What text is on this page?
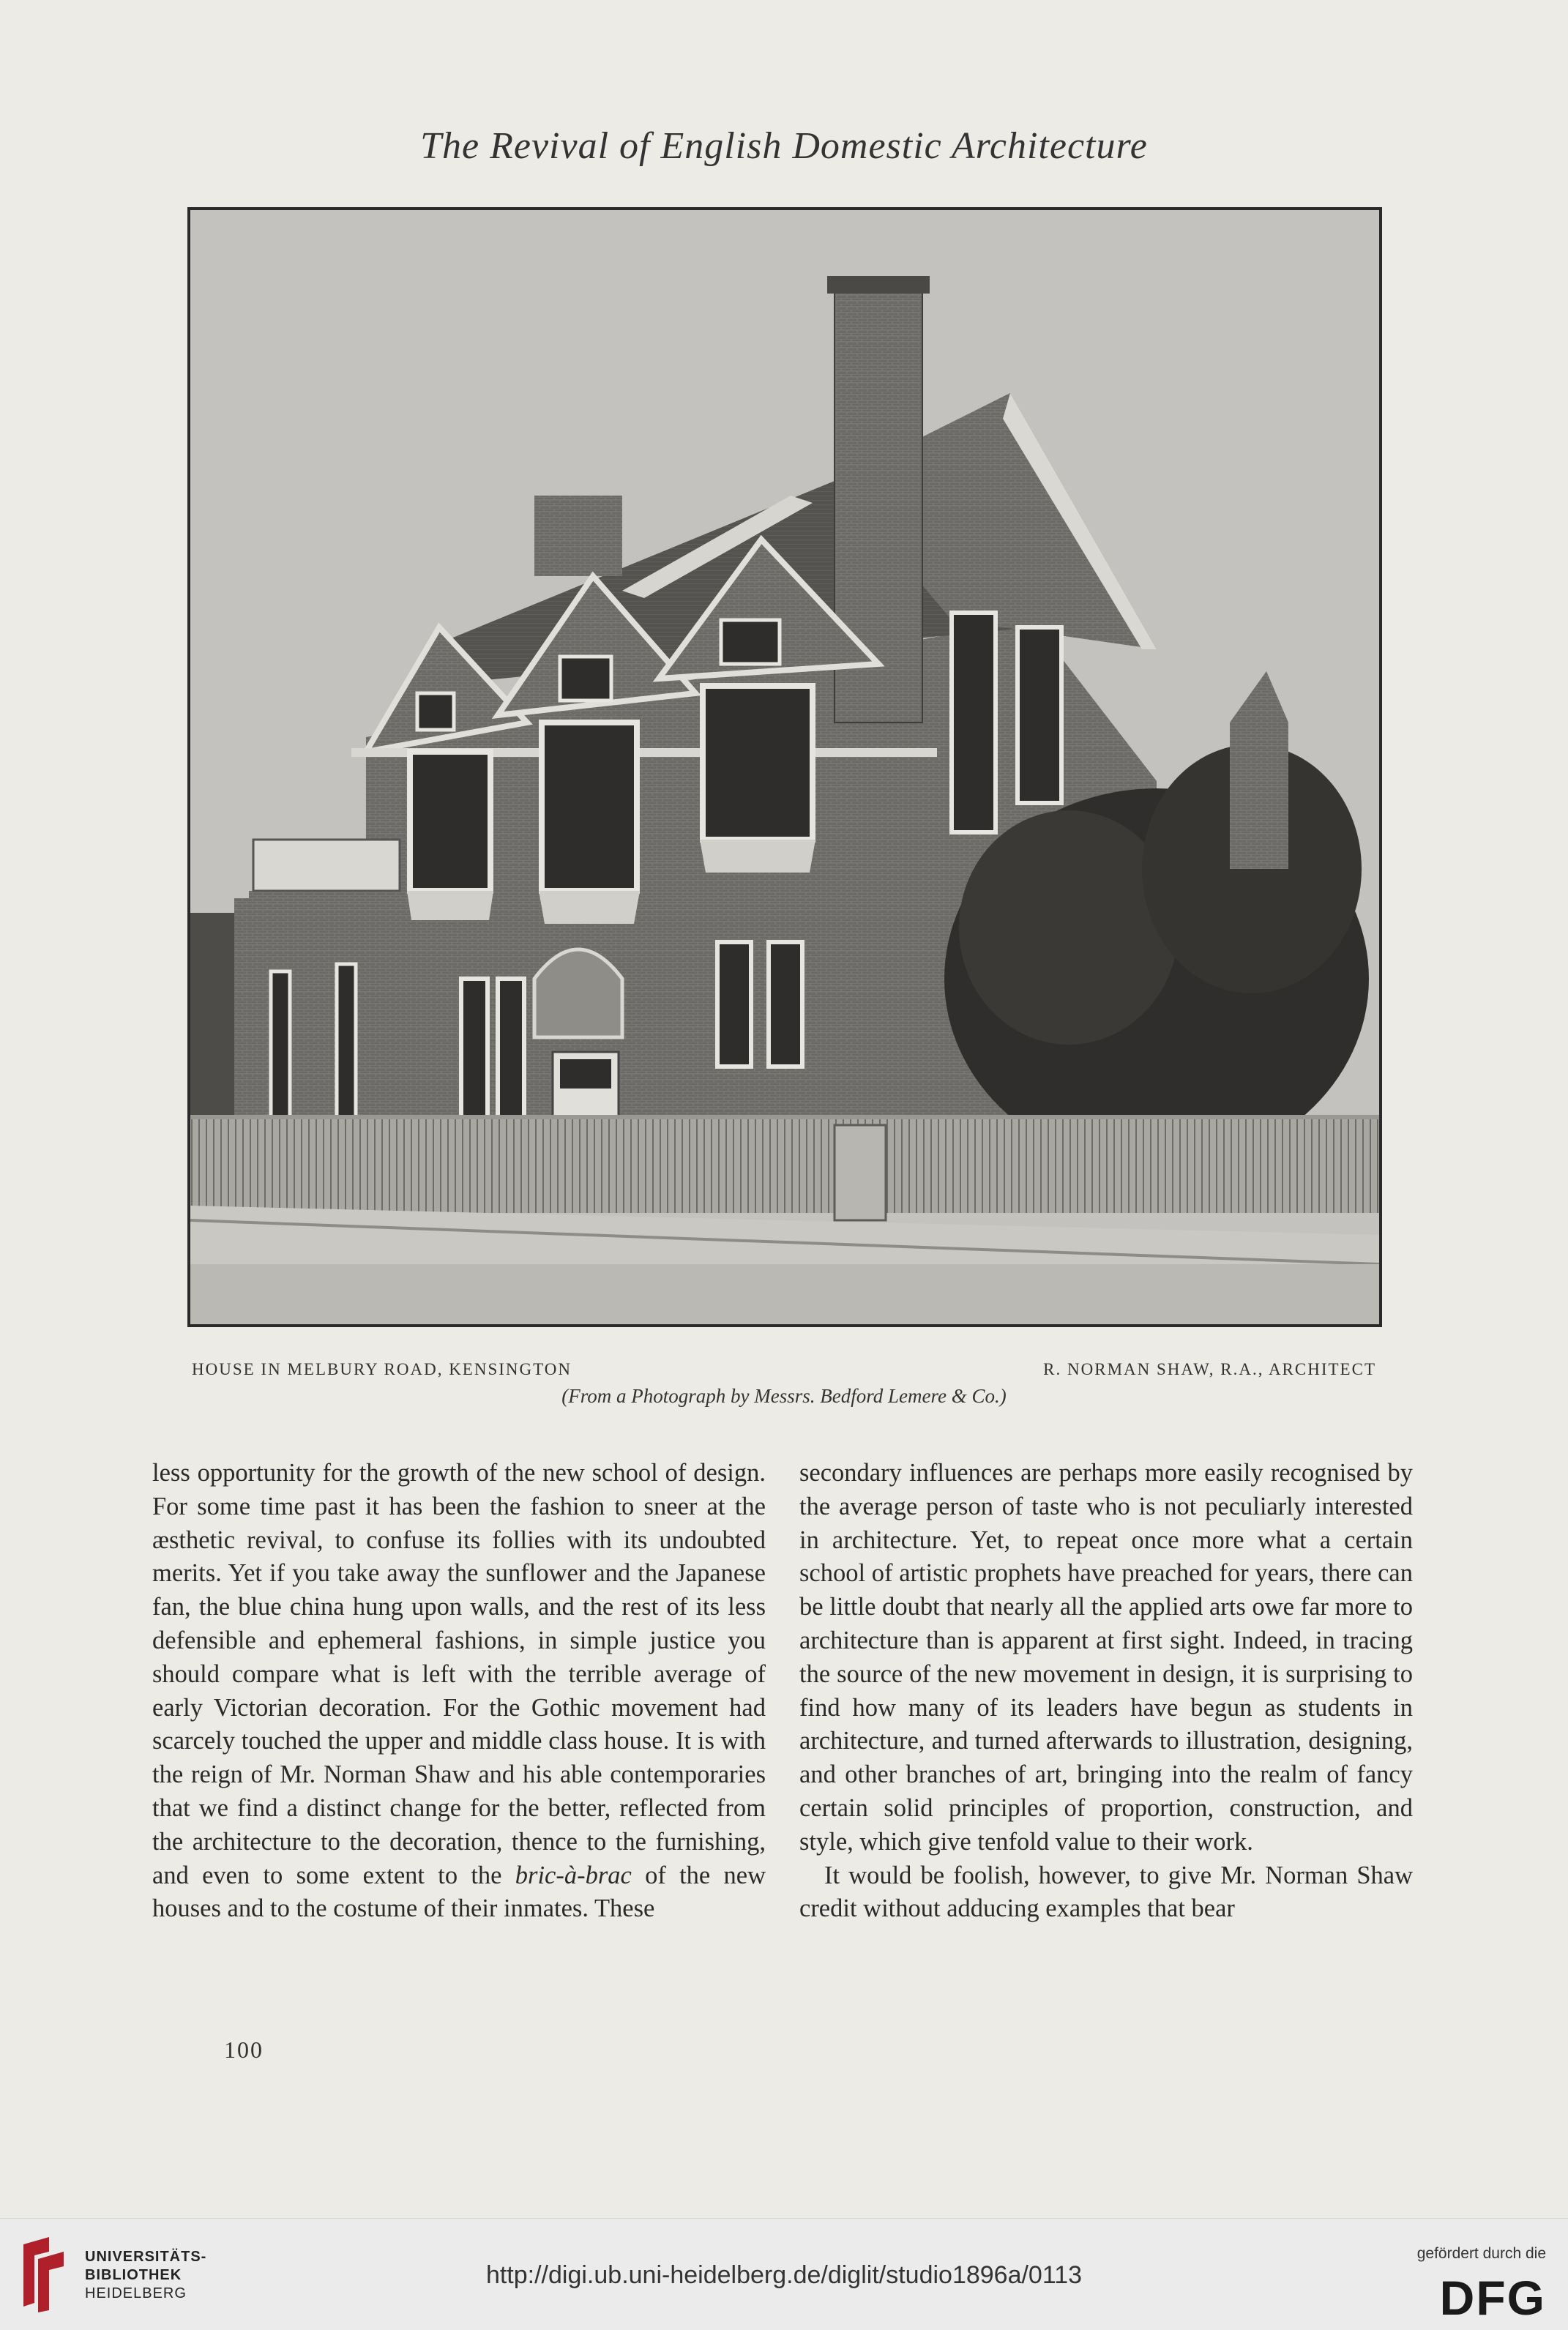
The Revival of English Domestic Architecture
HOUSE IN MELBURY ROAD, KENSINGTON	R. NORMAN SHAW, R.A., ARCHITECT
(From a Photograph by Messrs. Bedford Lemere & Co.)

less opportunity for the growth of the new school of design. For some time past it has been the fashion to sneer at the æsthetic revival, to confuse its follies with its undoubted merits. Yet if you take away the sunflower and the Japanese fan, the blue china hung upon walls, and the rest of its less defensible and ephemeral fashions, in simple justice you should compare what is left with the terrible average of early Victorian decoration. For the Gothic movement had scarcely touched the upper and middle class house. It is with the reign of Mr. Norman Shaw and his able contemporaries that we find a distinct change for the better, reflected from the architecture to the decoration, thence to the furnishing, and even to some extent to the bric-à-brac of the new houses and to the costume of their inmates. These

secondary influences are perhaps more easily recognised by the average person of taste who is not peculiarly interested in architecture. Yet, to repeat once more what a certain school of artistic prophets have preached for years, there can be little doubt that nearly all the applied arts owe far more to architecture than is apparent at first sight. Indeed, in tracing the source of the new movement in design, it is surprising to find how many of its leaders have begun as students in architecture, and turned afterwards to illustration, designing, and other branches of art, bringing into the realm of fancy certain solid principles of proportion, construction, and style, which give tenfold value to their work.

It would be foolish, however, to give Mr. Norman Shaw credit without adducing examples that bear

100
UNIVERSITÄTS-
BIBLIOTHEK
HEIDELBERG
http://digi.ub.uni-heidelberg.de/diglit/studio1896a/0113
gefördert durch die
DFG
